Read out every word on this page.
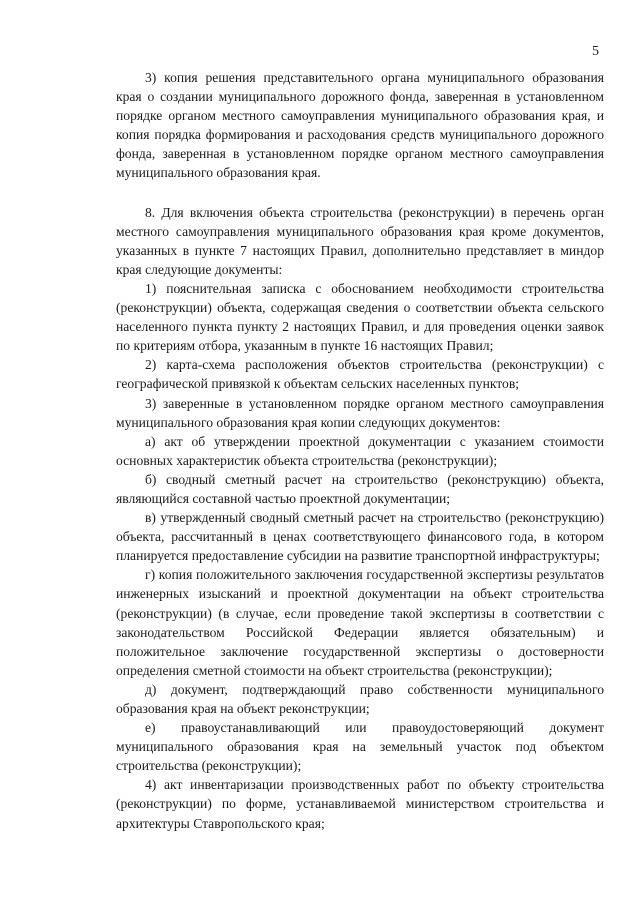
5

3) копия решения представительного органа муниципального образования края о создании муниципального дорожного фонда, заверенная в установленном порядке органом местного самоуправления муниципального образования края, и копия порядка формирования и расходования средств муниципального дорожного фонда, заверенная в установленном порядке органом местного самоуправления муниципального образования края.

8. Для включения объекта строительства (реконструкции) в перечень орган местного самоуправления муниципального образования края кроме документов, указанных в пункте 7 настоящих Правил, дополнительно представляет в миндор края следующие документы:

1) пояснительная записка с обоснованием необходимости строительства (реконструкции) объекта, содержащая сведения о соответствии объекта сельского населенного пункта пункту 2 настоящих Правил, и для проведения оценки заявок по критериям отбора, указанным в пункте 16 настоящих Правил;

2) карта-схема расположения объектов строительства (реконструкции) с географической привязкой к объектам сельских населенных пунктов;

3) заверенные в установленном порядке органом местного самоуправления муниципального образования края копии следующих документов:

а) акт об утверждении проектной документации с указанием стоимости основных характеристик объекта строительства (реконструкции);

б) сводный сметный расчет на строительство (реконструкцию) объекта, являющийся составной частью проектной документации;

в) утвержденный сводный сметный расчет на строительство (реконструкцию) объекта, рассчитанный в ценах соответствующего финансового года, в котором планируется предоставление субсидии на развитие транспортной инфраструктуры;

г) копия положительного заключения государственной экспертизы результатов инженерных изысканий и проектной документации на объект строительства (реконструкции) (в случае, если проведение такой экспертизы в соответствии с законодательством Российской Федерации является обязательным) и положительное заключение государственной экспертизы о достоверности определения сметной стоимости на объект строительства (реконструкции);

д) документ, подтверждающий право собственности муниципального образования края на объект реконструкции;

е) правоустанавливающий или правоудостоверяющий документ муниципального образования края на земельный участок под объектом строительства (реконструкции);

4) акт инвентаризации производственных работ по объекту строительства (реконструкции) по форме, устанавливаемой министерством строительства и архитектуры Ставропольского края;
